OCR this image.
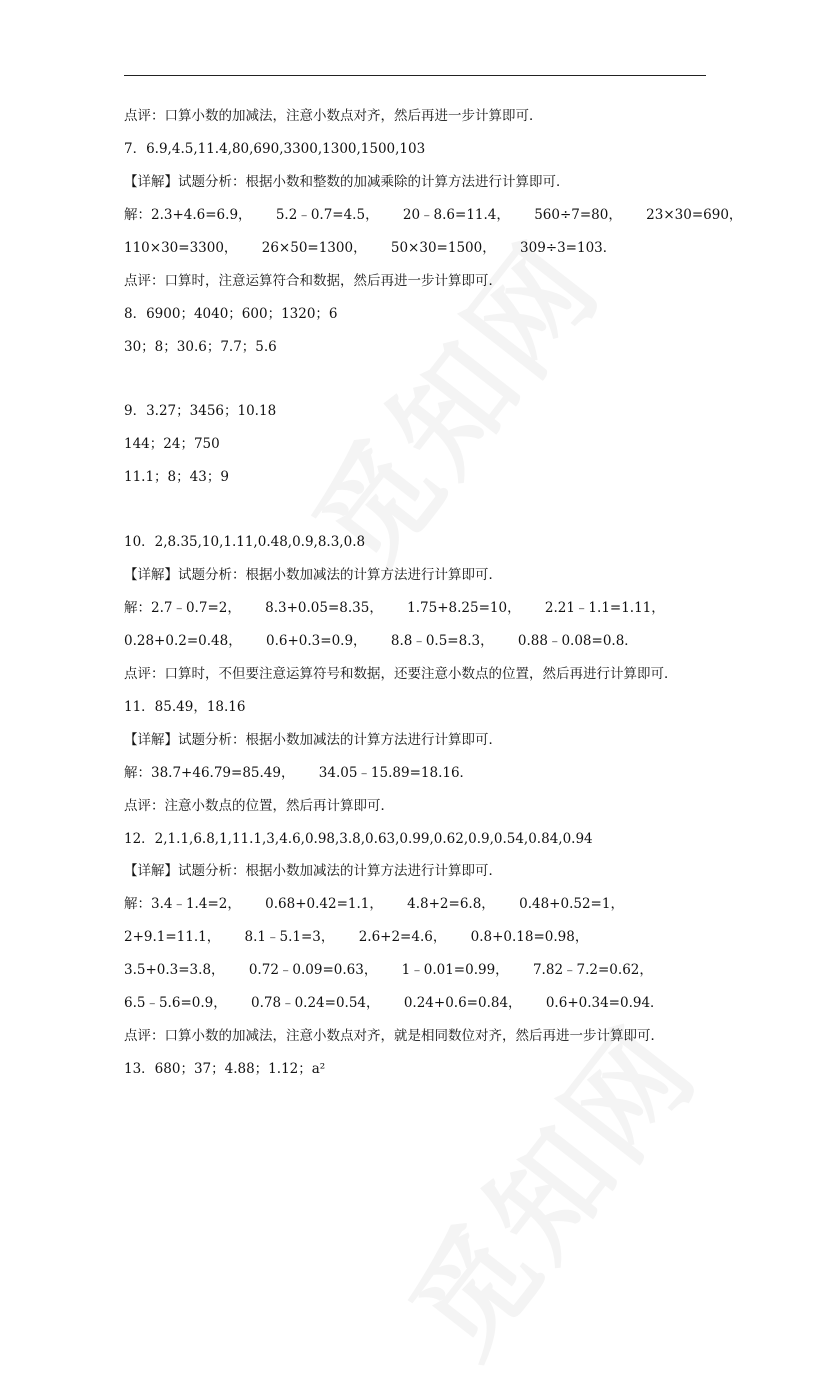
点评：口算小数的加减法，注意小数点对齐，然后再进一步计算即可．
7．6.9,4.5,11.4,80,690,3300,1300,1500,103
【详解】试题分析：根据小数和整数的加减乘除的计算方法进行计算即可．
解：2.3+4.6=6.9， 5.2﹣0.7=4.5， 20﹣8.6=11.4， 560÷7=80， 23×30=690，
110×30=3300， 26×50=1300， 50×30=1500， 309÷3=103．
点评：口算时，注意运算符合和数据，然后再进一步计算即可．
8．6900；4040；600；1320；6
30；8；30.6；7.7；5.6
9．3.27；3456；10.18
144；24；750
11.1；8；43；9
10．2,8.35,10,1.11,0.48,0.9,8.3,0.8
【详解】试题分析：根据小数加减法的计算方法进行计算即可．
解：2.7﹣0.7=2， 8.3+0.05=8.35， 1.75+8.25=10， 2.21﹣1.1=1.11，
0.28+0.2=0.48， 0.6+0.3=0.9， 8.8﹣0.5=8.3， 0.88﹣0.08=0.8．
点评：口算时，不但要注意运算符号和数据，还要注意小数点的位置，然后再进行计算即可．
11．85.49，18.16
【详解】试题分析：根据小数加减法的计算方法进行计算即可．
解：38.7+46.79=85.49， 34.05﹣15.89=18.16．
点评：注意小数点的位置，然后再计算即可．
12．2,1.1,6.8,1,11.1,3,4.6,0.98,3.8,0.63,0.99,0.62,0.9,0.54,0.84,0.94
【详解】试题分析：根据小数加减法的计算方法进行计算即可．
解：3.4﹣1.4=2， 0.68+0.42=1.1， 4.8+2=6.8， 0.48+0.52=1，
2+9.1=11.1， 8.1﹣5.1=3， 2.6+2=4.6， 0.8+0.18=0.98，
3.5+0.3=3.8， 0.72﹣0.09=0.63， 1﹣0.01=0.99， 7.82﹣7.2=0.62，
6.5﹣5.6=0.9， 0.78﹣0.24=0.54， 0.24+0.6=0.84， 0.6+0.34=0.94．
点评：口算小数的加减法，注意小数点对齐，就是相同数位对齐，然后再进一步计算即可．
13．680；37；4.88；1.12；a²
